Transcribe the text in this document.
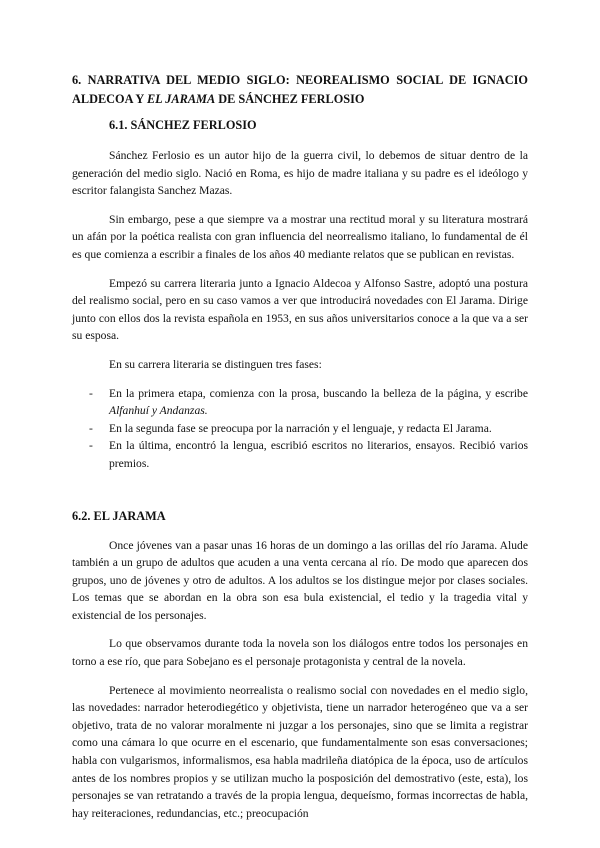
6. NARRATIVA DEL MEDIO SIGLO: NEOREALISMO SOCIAL DE IGNACIO ALDECOA Y EL JARAMA DE SÁNCHEZ FERLOSIO
6.1. SÁNCHEZ FERLOSIO

Sánchez Ferlosio es un autor hijo de la guerra civil, lo debemos de situar dentro de la generación del medio siglo. Nació en Roma, es hijo de madre italiana y su padre es el ideólogo y escritor falangista Sanchez Mazas.

Sin embargo, pese a que siempre va a mostrar una rectitud moral y su literatura mostrará un afán por la poética realista con gran influencia del neorrealismo italiano, lo fundamental de él es que comienza a escribir a finales de los años 40 mediante relatos que se publican en revistas.

Empezó su carrera literaria junto a Ignacio Aldecoa y Alfonso Sastre, adoptó una postura del realismo social, pero en su caso vamos a ver que introducirá novedades con El Jarama. Dirige junto con ellos dos la revista española en 1953, en sus años universitarios conoce a la que va a ser su esposa.

En su carrera literaria se distinguen tres fases:

- En la primera etapa, comienza con la prosa, buscando la belleza de la página, y escribe Alfanhuí y Andanzas.
- En la segunda fase se preocupa por la narración y el lenguaje, y redacta El Jarama.
- En la última, encontró la lengua, escribió escritos no literarios, ensayos. Recibió varios premios.
6.2. EL JARAMA

Once jóvenes van a pasar unas 16 horas de un domingo a las orillas del río Jarama. Alude también a un grupo de adultos que acuden a una venta cercana al río. De modo que aparecen dos grupos, uno de jóvenes y otro de adultos. A los adultos se los distingue mejor por clases sociales. Los temas que se abordan en la obra son esa bula existencial, el tedio y la tragedia vital y existencial de los personajes.

Lo que observamos durante toda la novela son los diálogos entre todos los personajes en torno a ese río, que para Sobejano es el personaje protagonista y central de la novela.

Pertenece al movimiento neorrealista o realismo social con novedades en el medio siglo, las novedades: narrador heterodiegético y objetivista, tiene un narrador heterogéneo que va a ser objetivo, trata de no valorar moralmente ni juzgar a los personajes, sino que se limita a registrar como una cámara lo que ocurre en el escenario, que fundamentalmente son esas conversaciones; habla con vulgarismos, informalismos, esa habla madrileña diatópica de la época, uso de artículos antes de los nombres propios y se utilizan mucho la posposición del demostrativo (este, esta), los personajes se van retratando a través de la propia lengua, dequeísmo, formas incorrectas de habla, hay reiteraciones, redundancias, etc.; preocupación
